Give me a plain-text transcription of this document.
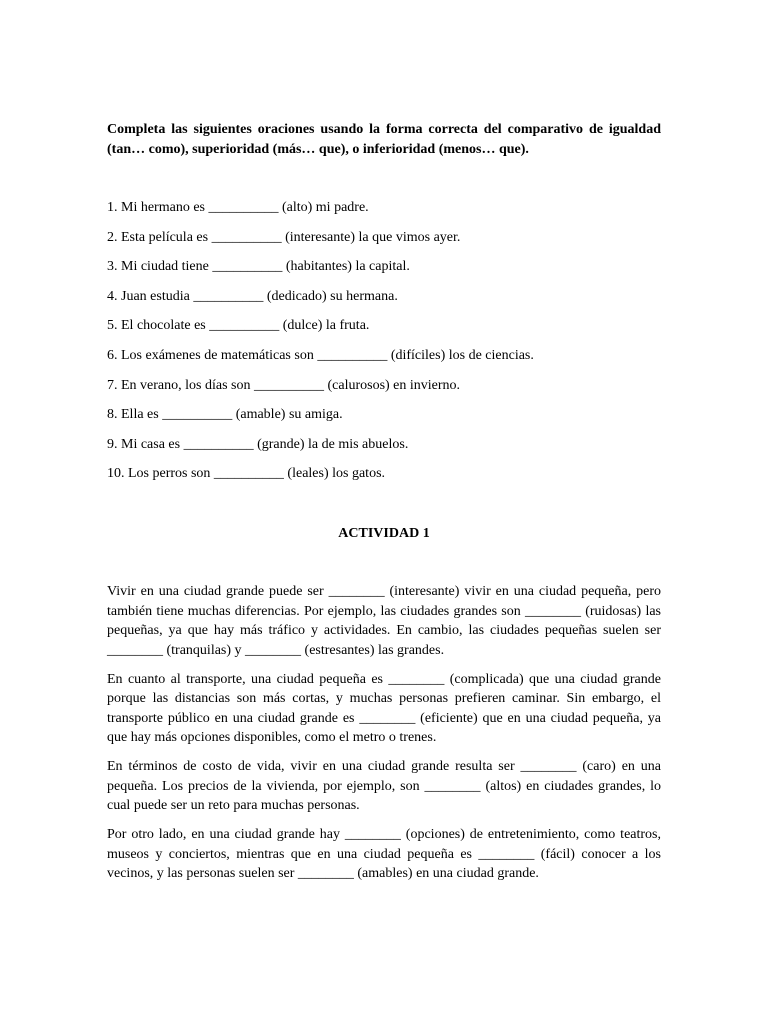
Completa las siguientes oraciones usando la forma correcta del comparativo de igualdad (tan… como), superioridad (más… que), o inferioridad (menos… que).

1. Mi hermano es __________ (alto) mi padre.
2. Esta película es __________ (interesante) la que vimos ayer.
3. Mi ciudad tiene __________ (habitantes) la capital.
4. Juan estudia __________ (dedicado) su hermana.
5. El chocolate es __________ (dulce) la fruta.
6. Los exámenes de matemáticas son __________ (difíciles) los de ciencias.
7. En verano, los días son __________ (calurosos) en invierno.
8. Ella es __________ (amable) su amiga.
9. Mi casa es __________ (grande) la de mis abuelos.
10. Los perros son __________ (leales) los gatos.
ACTIVIDAD 1

Vivir en una ciudad grande puede ser ________ (interesante) vivir en una ciudad pequeña, pero también tiene muchas diferencias. Por ejemplo, las ciudades grandes son ________ (ruidosas) las pequeñas, ya que hay más tráfico y actividades. En cambio, las ciudades pequeñas suelen ser ________ (tranquilas) y ________ (estresantes) las grandes.

En cuanto al transporte, una ciudad pequeña es ________ (complicada) que una ciudad grande porque las distancias son más cortas, y muchas personas prefieren caminar. Sin embargo, el transporte público en una ciudad grande es ________ (eficiente) que en una ciudad pequeña, ya que hay más opciones disponibles, como el metro o trenes.

En términos de costo de vida, vivir en una ciudad grande resulta ser ________ (caro) en una pequeña. Los precios de la vivienda, por ejemplo, son ________ (altos) en ciudades grandes, lo cual puede ser un reto para muchas personas.

Por otro lado, en una ciudad grande hay ________ (opciones) de entretenimiento, como teatros, museos y conciertos, mientras que en una ciudad pequeña es ________ (fácil) conocer a los vecinos, y las personas suelen ser ________ (amables) en una ciudad grande.
